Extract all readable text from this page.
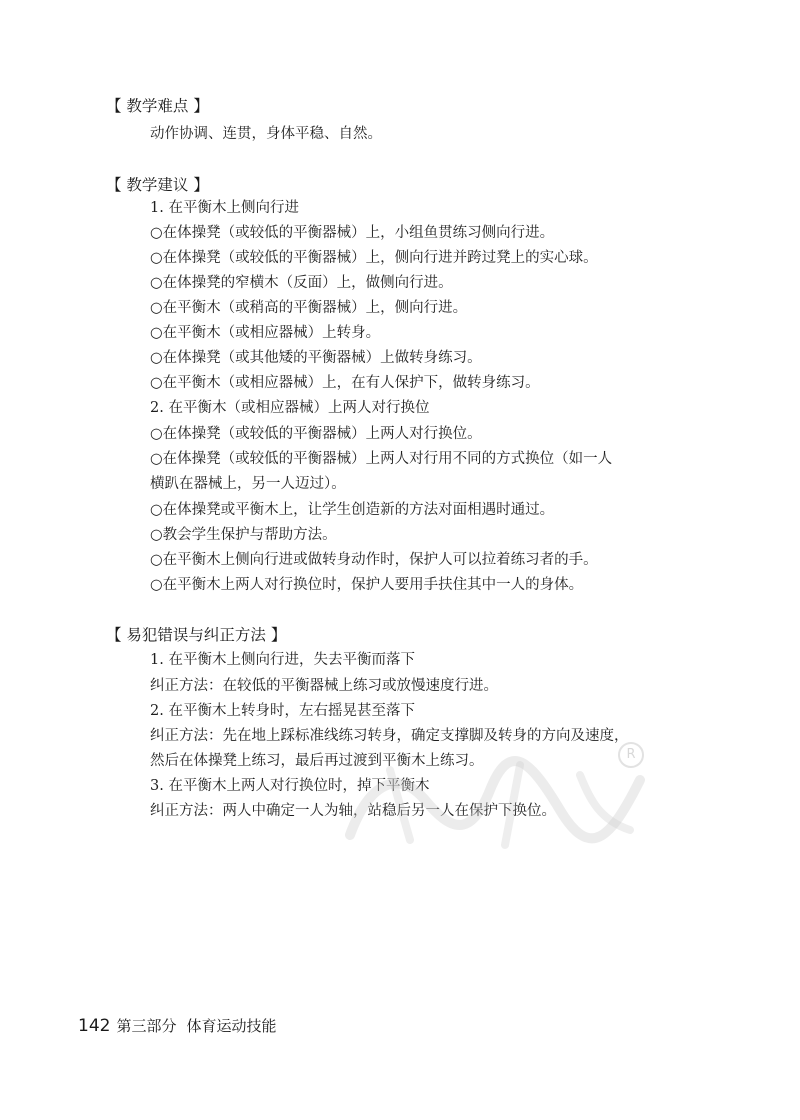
【 教学难点 】
动作协调、连贯，身体平稳、自然。
【 教学建议 】
1. 在平衡木上侧向行进
○在体操凳（或较低的平衡器械）上，小组鱼贯练习侧向行进。
○在体操凳（或较低的平衡器械）上，侧向行进并跨过凳上的实心球。
○在体操凳的窄横木（反面）上，做侧向行进。
○在平衡木（或稍高的平衡器械）上，侧向行进。
○在平衡木（或相应器械）上转身。
○在体操凳（或其他矮的平衡器械）上做转身练习。
○在平衡木（或相应器械）上，在有人保护下，做转身练习。
2. 在平衡木（或相应器械）上两人对行换位
○在体操凳（或较低的平衡器械）上两人对行换位。
○在体操凳（或较低的平衡器械）上两人对行用不同的方式换位（如一人
横趴在器械上，另一人迈过）。
○在体操凳或平衡木上，让学生创造新的方法对面相遇时通过。
○教会学生保护与帮助方法。
○在平衡木上侧向行进或做转身动作时，保护人可以拉着练习者的手。
○在平衡木上两人对行换位时，保护人要用手扶住其中一人的身体。
【 易犯错误与纠正方法 】
1. 在平衡木上侧向行进，失去平衡而落下
纠正方法：在较低的平衡器械上练习或放慢速度行进。
2. 在平衡木上转身时，左右摇晃甚至落下
纠正方法：先在地上踩标准线练习转身，确定支撑脚及转身的方向及速度，
然后在体操凳上练习，最后再过渡到平衡木上练习。
3. 在平衡木上两人对行换位时，掉下平衡木
纠正方法：两人中确定一人为轴，站稳后另一人在保护下换位。
R
142 第三部分 体育运动技能
